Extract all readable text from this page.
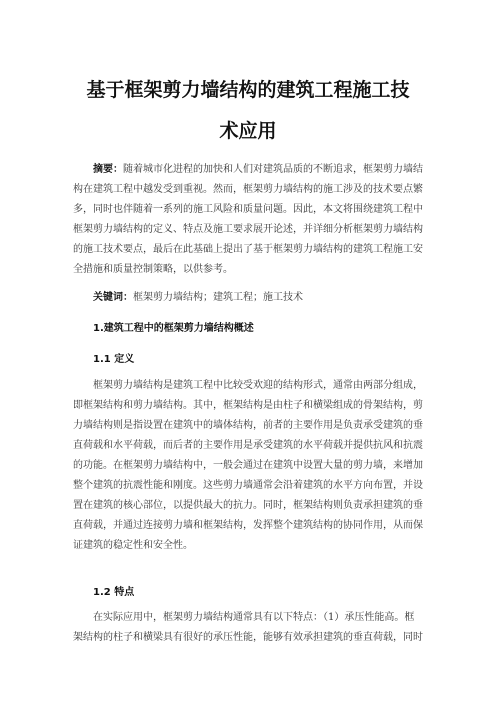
基于框架剪力墙结构的建筑工程施工技
术应用
摘要：随着城市化进程的加快和人们对建筑品质的不断追求，框架剪力墙结
构在建筑工程中越发受到重视。然而，框架剪力墙结构的施工涉及的技术要点繁
多，同时也伴随着一系列的施工风险和质量问题。因此，本文将围绕建筑工程中
框架剪力墙结构的定义、特点及施工要求展开论述，并详细分析框架剪力墙结构
的施工技术要点，最后在此基础上提出了基于框架剪力墙结构的建筑工程施工安
全措施和质量控制策略，以供参考。
关键词：框架剪力墙结构；建筑工程；施工技术
1.建筑工程中的框架剪力墙结构概述
1.1 定义
框架剪力墙结构是建筑工程中比较受欢迎的结构形式，通常由两部分组成，
即框架结构和剪力墙结构。其中，框架结构是由柱子和横梁组成的骨架结构，剪
力墙结构则是指设置在建筑中的墙体结构，前者的主要作用是负责承受建筑的垂
直荷载和水平荷载，而后者的主要作用是承受建筑的水平荷载并提供抗风和抗震
的功能。在框架剪力墙结构中，一般会通过在建筑中设置大量的剪力墙，来增加
整个建筑的抗震性能和刚度。这些剪力墙通常会沿着建筑的水平方向布置，并设
置在建筑的核心部位，以提供最大的抗力。同时，框架结构则负责承担建筑的垂
直荷载，并通过连接剪力墙和框架结构，发挥整个建筑结构的协同作用，从而保
证建筑的稳定性和安全性。
1.2 特点
在实际应用中，框架剪力墙结构通常具有以下特点：（1）承压性能高。框
架结构的柱子和横梁具有很好的承压性能，能够有效承担建筑的垂直荷载，同时
